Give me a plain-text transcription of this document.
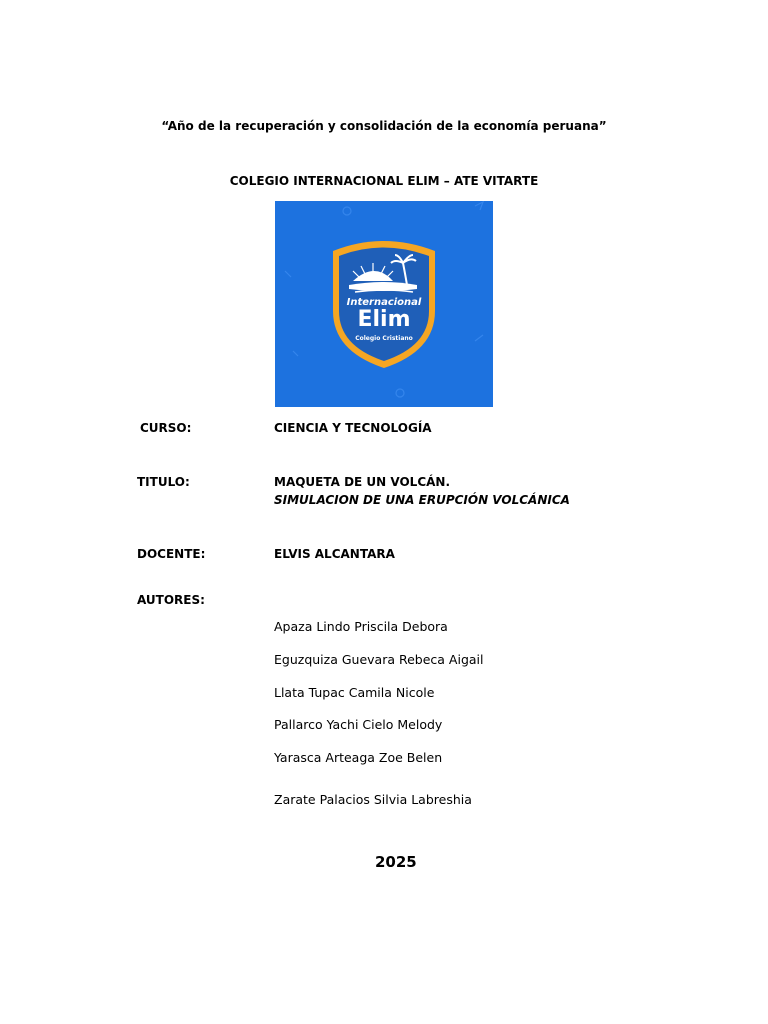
“Año de la recuperación y consolidación de la economía peruana”
COLEGIO INTERNACIONAL ELIM – ATE VITARTE
Internacional
Elim
Colegio Cristiano
CURSO:	CIENCIA Y TECNOLOGÍA
TITULO:	MAQUETA DE UN VOLCÁN.
SIMULACION DE UNA ERUPCIÓN VOLCÁNICA
DOCENTE:	ELVIS ALCANTARA
AUTORES:
Apaza Lindo Priscila Debora
Eguzquiza Guevara Rebeca Aigail
Llata Tupac Camila Nicole
Pallarco Yachi Cielo Melody
Yarasca Arteaga Zoe Belen
Zarate Palacios Silvia Labreshia
2025
